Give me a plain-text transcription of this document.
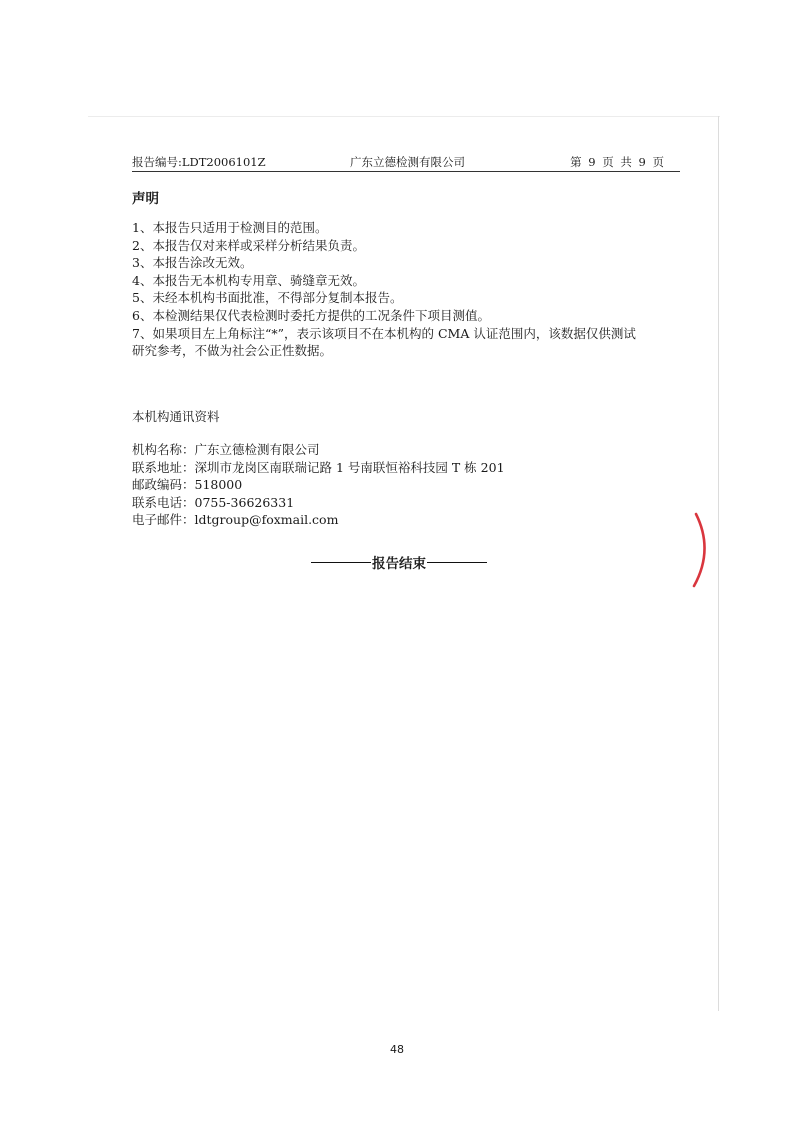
报告编号:LDT2006101Z	广东立德检测有限公司	第 9 页 共 9 页
声明
1、本报告只适用于检测目的范围。
2、本报告仅对来样或采样分析结果负责。
3、本报告涂改无效。
4、本报告无本机构专用章、骑缝章无效。
5、未经本机构书面批准，不得部分复制本报告。
6、本检测结果仅代表检测时委托方提供的工况条件下项目测值。
7、如果项目左上角标注“*”，表示该项目不在本机构的 CMA 认证范围内，该数据仅供测试
研究参考，不做为社会公正性数据。
本机构通讯资料
机构名称：广东立德检测有限公司
联系地址：深圳市龙岗区南联瑞记路 1 号南联恒裕科技园 T 栋 201
邮政编码：518000
联系电话：0755-36626331
电子邮件：ldtgroup@foxmail.com
报告结束
48
